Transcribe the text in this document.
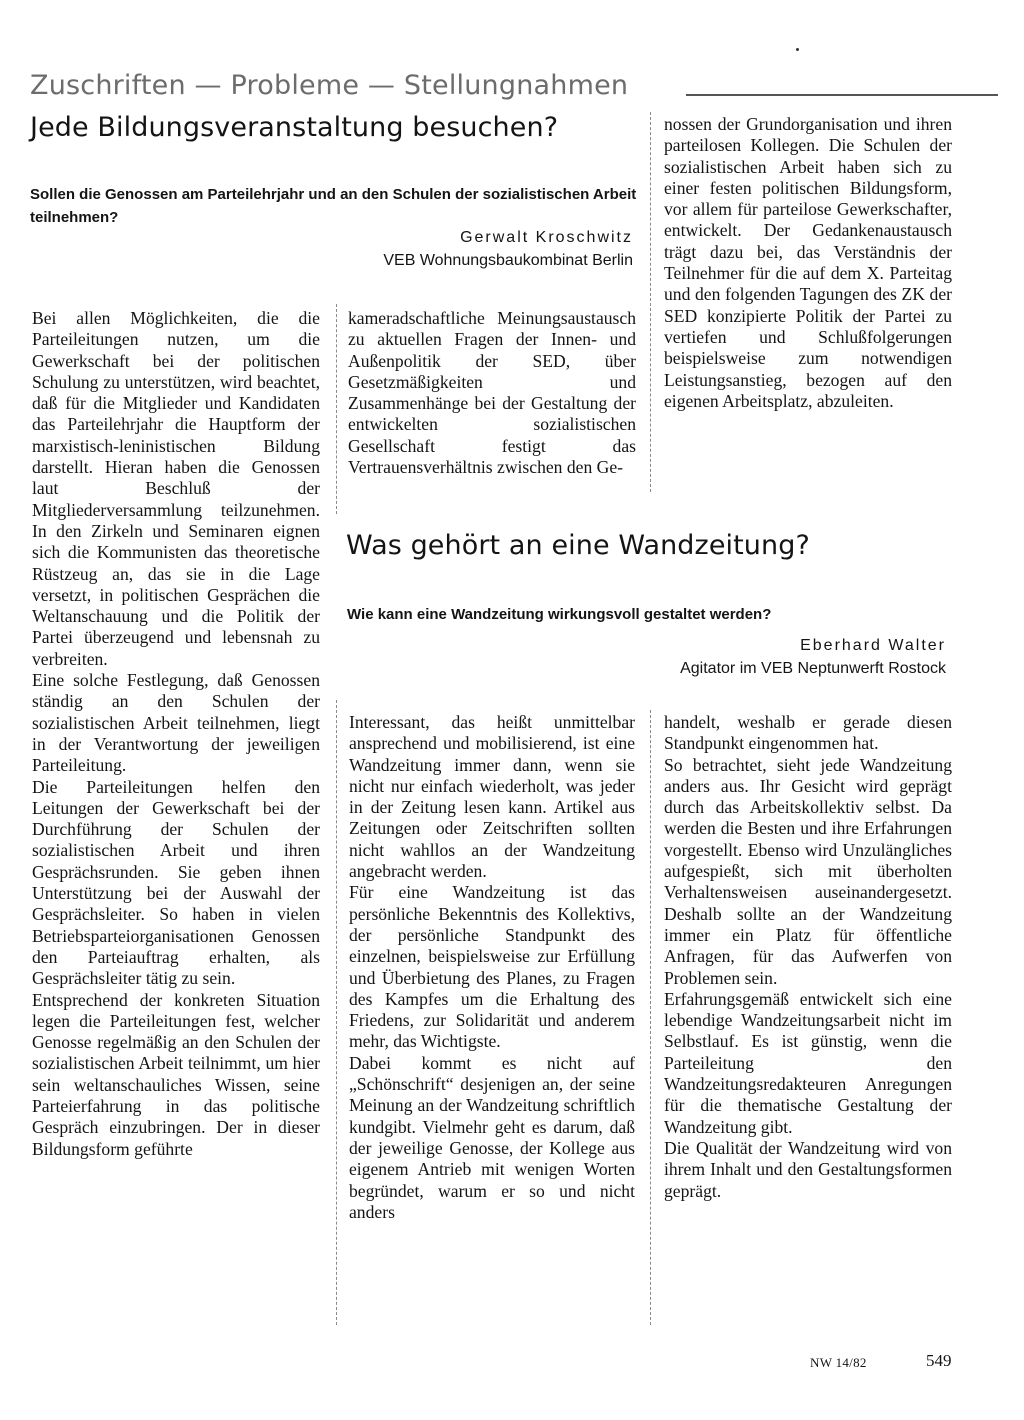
Zuschriften — Probleme — Stellungnahmen
Jede Bildungsveranstaltung besuchen?
Sollen die Genossen am Parteilehrjahr und an den Schulen der sozialistischen Arbeit teilnehmen?
Gerwalt Kroschwitz
VEB Wohnungsbaukombinat Berlin

Bei allen Möglichkeiten, die die Parteileitungen nutzen, um die Gewerkschaft bei der politischen Schulung zu unterstützen, wird beachtet, daß für die Mitglieder und Kandidaten das Parteilehrjahr die Hauptform der marxistisch-leninistischen Bildung darstellt. Hieran haben die Genossen laut Beschluß der Mitgliederversammlung teilzunehmen. In den Zirkeln und Seminaren eignen sich die Kommunisten das theoretische Rüstzeug an, das sie in die Lage versetzt, in politischen Gesprächen die Weltanschauung und die Politik der Partei überzeugend und lebensnah zu verbreiten.

Eine solche Festlegung, daß Genossen ständig an den Schulen der sozialistischen Arbeit teilnehmen, liegt in der Verantwortung der jeweiligen Parteileitung.

Die Parteileitungen helfen den Leitungen der Gewerkschaft bei der Durchführung der Schulen der sozialistischen Arbeit und ihren Gesprächsrunden. Sie geben ihnen Unterstützung bei der Auswahl der Gesprächsleiter. So haben in vielen Betriebsparteiorganisationen Genossen den Parteiauftrag erhalten, als Gesprächsleiter tätig zu sein.

Entsprechend der konkreten Situation legen die Parteileitungen fest, welcher Genosse regelmäßig an den Schulen der sozialistischen Arbeit teilnimmt, um hier sein weltanschauliches Wissen, seine Parteierfahrung in das politische Gespräch einzubringen. Der in dieser Bildungsform geführte

kameradschaftliche Meinungsaustausch zu aktuellen Fragen der Innen- und Außenpolitik der SED, über Gesetzmäßigkeiten und Zusammenhänge bei der Gestaltung der entwickelten sozialistischen Gesellschaft festigt das Vertrauensverhältnis zwischen den Ge-

nossen der Grundorganisation und ihren parteilosen Kollegen. Die Schulen der sozialistischen Arbeit haben sich zu einer festen politischen Bildungsform, vor allem für parteilose Gewerkschafter, entwickelt. Der Gedankenaustausch trägt dazu bei, das Verständnis der Teilnehmer für die auf dem X. Parteitag und den folgenden Tagungen des ZK der SED konzipierte Politik der Partei zu vertiefen und Schlußfolgerungen beispielsweise zum notwendigen Leistungsanstieg, bezogen auf den eigenen Arbeitsplatz, abzuleiten.

Was gehört an eine Wandzeitung?
Wie kann eine Wandzeitung wirkungsvoll gestaltet werden?
Eberhard Walter
Agitator im VEB Neptunwerft Rostock

Interessant, das heißt unmittelbar ansprechend und mobilisierend, ist eine Wandzeitung immer dann, wenn sie nicht nur einfach wiederholt, was jeder in der Zeitung lesen kann. Artikel aus Zeitungen oder Zeitschriften sollten nicht wahllos an der Wandzeitung angebracht werden.

Für eine Wandzeitung ist das persönliche Bekenntnis des Kollektivs, der persönliche Standpunkt des einzelnen, beispielsweise zur Erfüllung und Überbietung des Planes, zu Fragen des Kampfes um die Erhaltung des Friedens, zur Solidarität und anderem mehr, das Wichtigste.

Dabei kommt es nicht auf „Schönschrift“ desjenigen an, der seine Meinung an der Wandzeitung schriftlich kundgibt. Vielmehr geht es darum, daß der jeweilige Genosse, der Kollege aus eigenem Antrieb mit wenigen Worten begründet, warum er so und nicht anders

handelt, weshalb er gerade diesen Standpunkt eingenommen hat.

So betrachtet, sieht jede Wandzeitung anders aus. Ihr Gesicht wird geprägt durch das Arbeitskollektiv selbst. Da werden die Besten und ihre Erfahrungen vorgestellt. Ebenso wird Unzulängliches aufgespießt, sich mit überholten Verhaltensweisen auseinandergesetzt. Deshalb sollte an der Wandzeitung immer ein Platz für öffentliche Anfragen, für das Aufwerfen von Problemen sein.

Erfahrungsgemäß entwickelt sich eine lebendige Wandzeitungsarbeit nicht im Selbstlauf. Es ist günstig, wenn die Parteileitung den Wandzeitungsredakteuren Anregungen für die thematische Gestaltung der Wandzeitung gibt.

Die Qualität der Wandzeitung wird von ihrem Inhalt und den Gestaltungsformen geprägt.

NW 14/82	549
